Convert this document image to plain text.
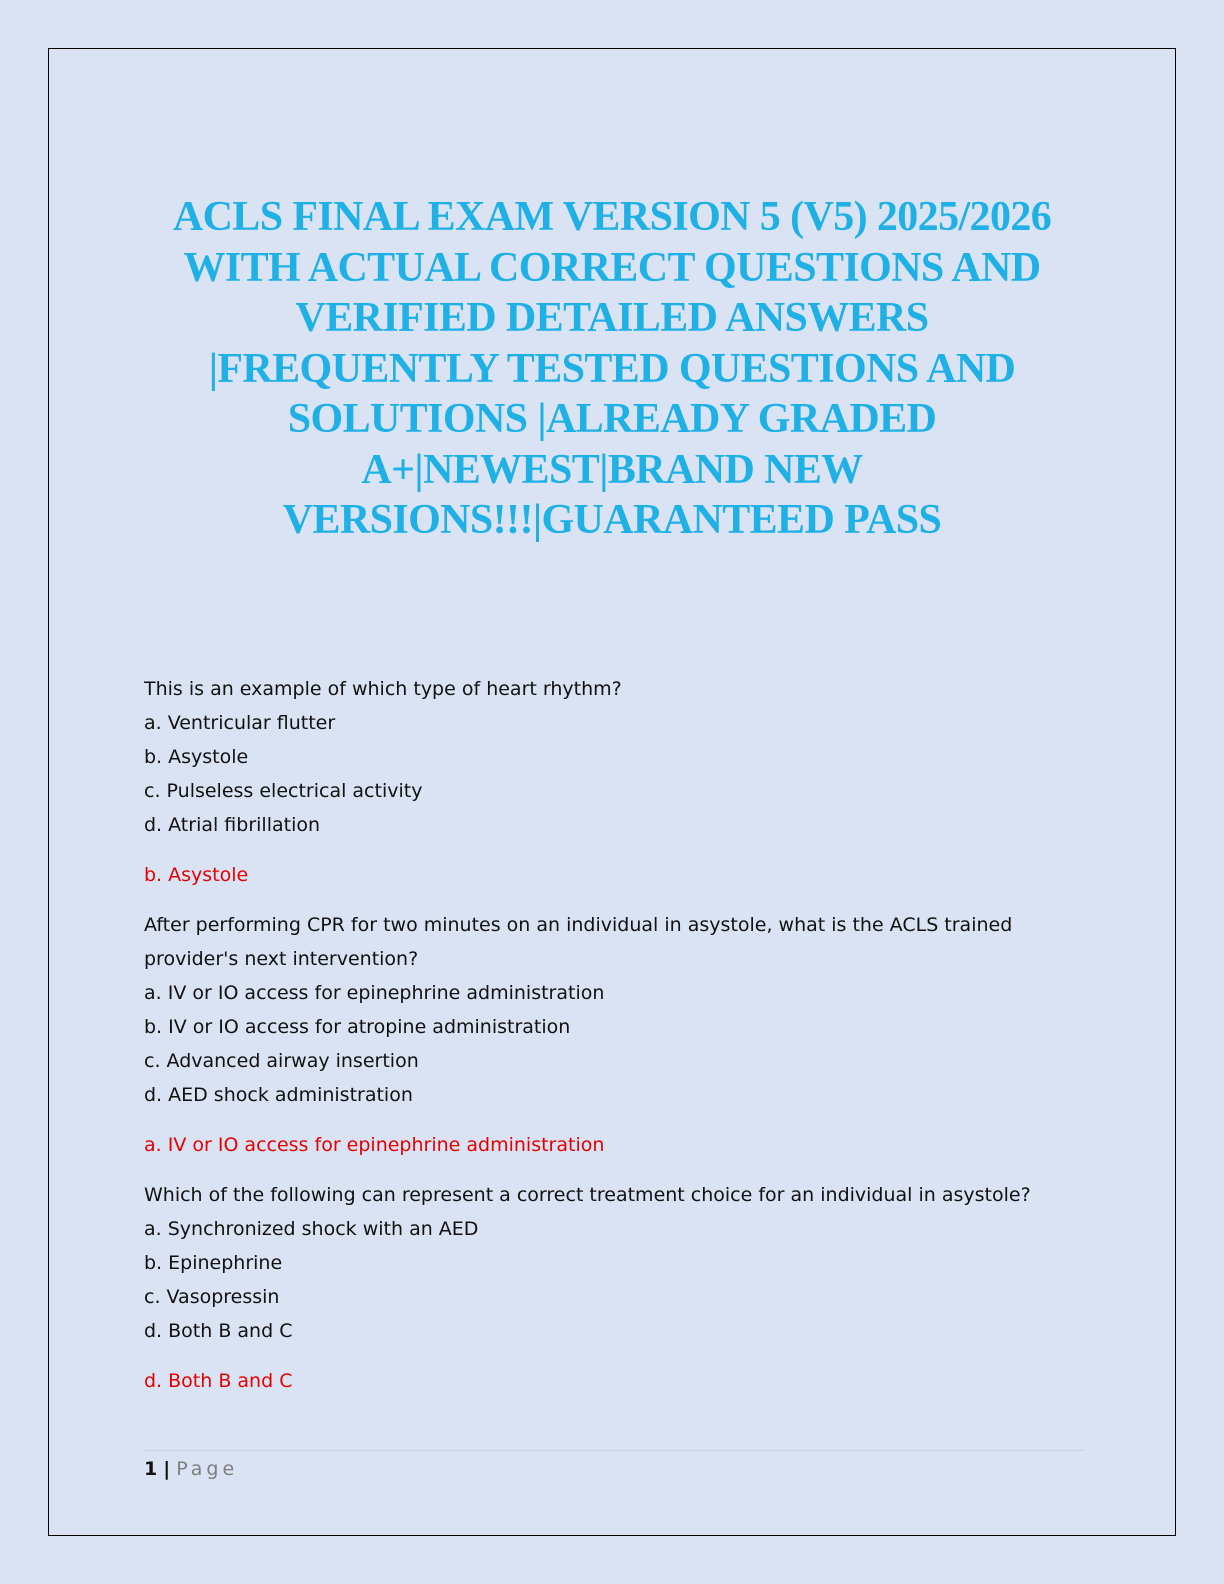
ACLS FINAL EXAM VERSION 5 (V5) 2025/2026
WITH ACTUAL CORRECT QUESTIONS AND
VERIFIED DETAILED ANSWERS
|FREQUENTLY TESTED QUESTIONS AND
SOLUTIONS |ALREADY GRADED
A+|NEWEST|BRAND NEW
VERSIONS!!!|GUARANTEED PASS

This is an example of which type of heart rhythm?

a. Ventricular flutter

b. Asystole

c. Pulseless electrical activity

d. Atrial fibrillation

b. Asystole

After performing CPR for two minutes on an individual in asystole, what is the ACLS trained provider's next intervention?

a. IV or IO access for epinephrine administration

b. IV or IO access for atropine administration

c. Advanced airway insertion

d. AED shock administration

a. IV or IO access for epinephrine administration

Which of the following can represent a correct treatment choice for an individual in asystole?

a. Synchronized shock with an AED

b. Epinephrine

c. Vasopressin

d. Both B and C

d. Both B and C

1 | Page
